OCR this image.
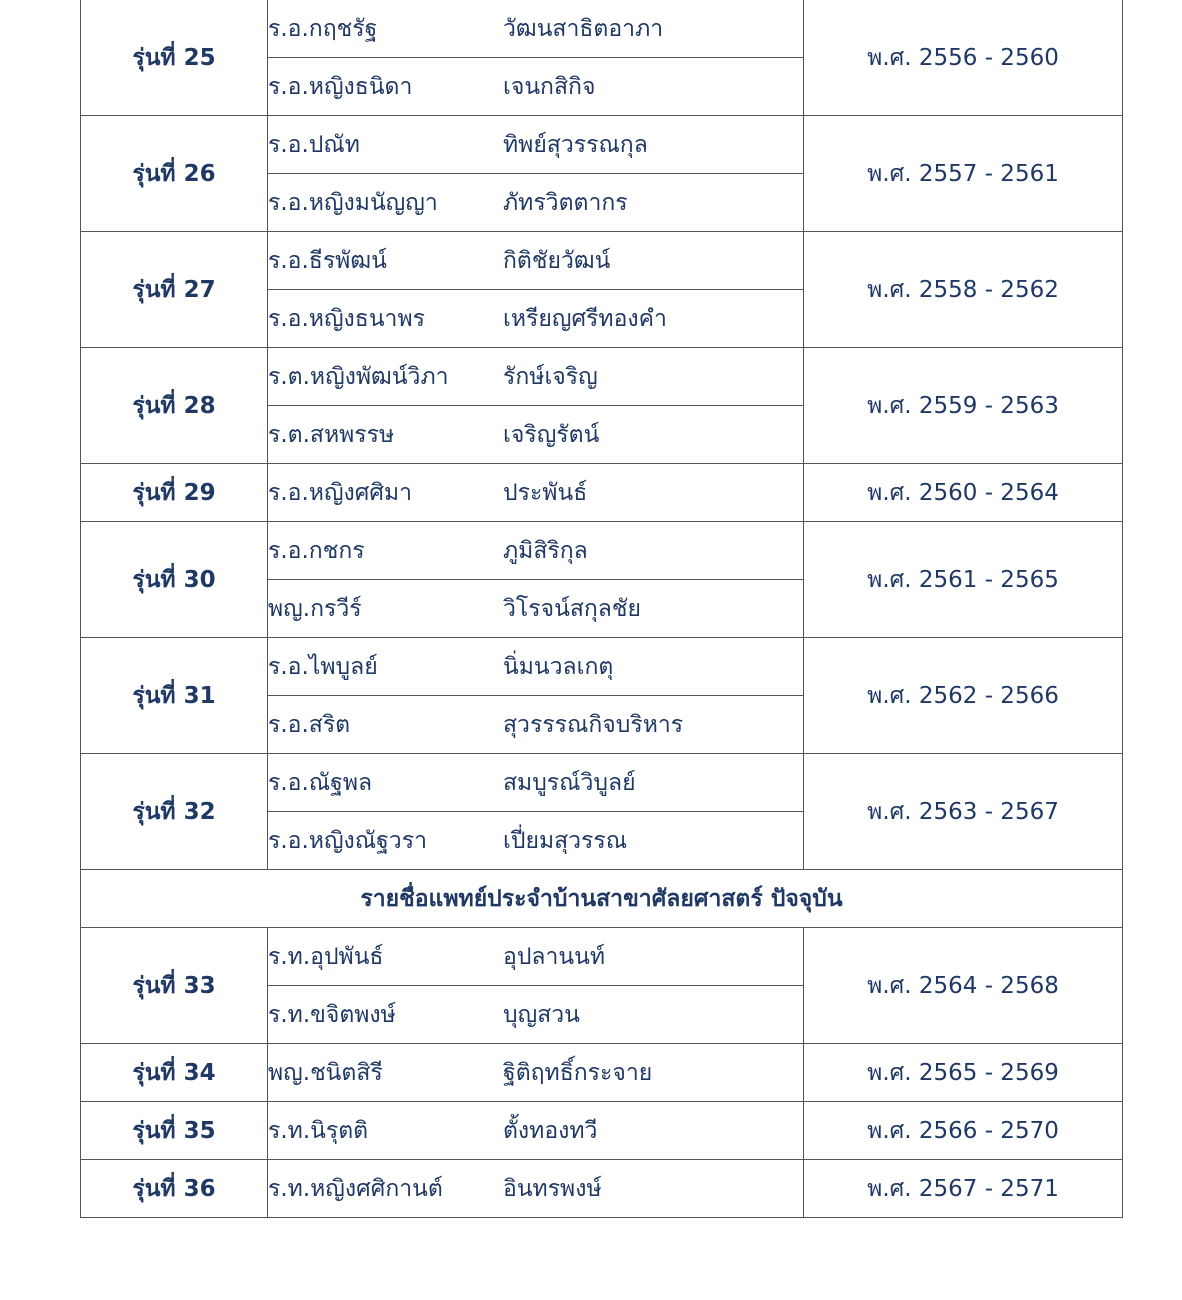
รุ่นที่ 25	ร.อ.กฤชรัฐ วัฒนสาธิตอาภา	พ.ศ. 2556 - 2560
	ร.อ.หญิงธนิดา เจนกสิกิจ	
รุ่นที่ 26	ร.อ.ปณัท ทิพย์สุวรรณกุล	พ.ศ. 2557 - 2561
	ร.อ.หญิงมนัญญา ภัทรวิตตากร	
รุ่นที่ 27	ร.อ.ธีรพัฒน์ กิติชัยวัฒน์	พ.ศ. 2558 - 2562
	ร.อ.หญิงธนาพร เหรียญศรีทองคำ	
รุ่นที่ 28	ร.ต.หญิงพัฒน์วิภา รักษ์เจริญ	พ.ศ. 2559 - 2563
	ร.ต.สหพรรษ เจริญรัตน์	
รุ่นที่ 29	ร.อ.หญิงศศิมา ประพันธ์	พ.ศ. 2560 - 2564
รุ่นที่ 30	ร.อ.กชกร ภูมิสิริกุล	พ.ศ. 2561 - 2565
	พญ.กรวีร์ วิโรจน์สกุลชัย	
รุ่นที่ 31	ร.อ.ไพบูลย์ นิ่มนวลเกตุ	พ.ศ. 2562 - 2566
	ร.อ.สริต สุวรรรณกิจบริหาร	
รุ่นที่ 32	ร.อ.ณัฐพล สมบูรณ์วิบูลย์	พ.ศ. 2563 - 2567
	ร.อ.หญิงณัฐวรา เปี่ยมสุวรรณ	
รายชื่อแพทย์ประจำบ้านสาขาศัลยศาสตร์ ปัจจุบัน		
รุ่นที่ 33	ร.ท.อุปพันธ์ อุปลานนท์	พ.ศ. 2564 - 2568
	ร.ท.ขจิตพงษ์ บุญสวน	
รุ่นที่ 34	พญ.ชนิตสิรี ฐิติฤทธิ์กระจาย	พ.ศ. 2565 - 2569
รุ่นที่ 35	ร.ท.นิรุตติ ตั้งทองทวี	พ.ศ. 2566 - 2570
รุ่นที่ 36	ร.ท.หญิงศศิกานต์ อินทรพงษ์	พ.ศ. 2567 - 2571
